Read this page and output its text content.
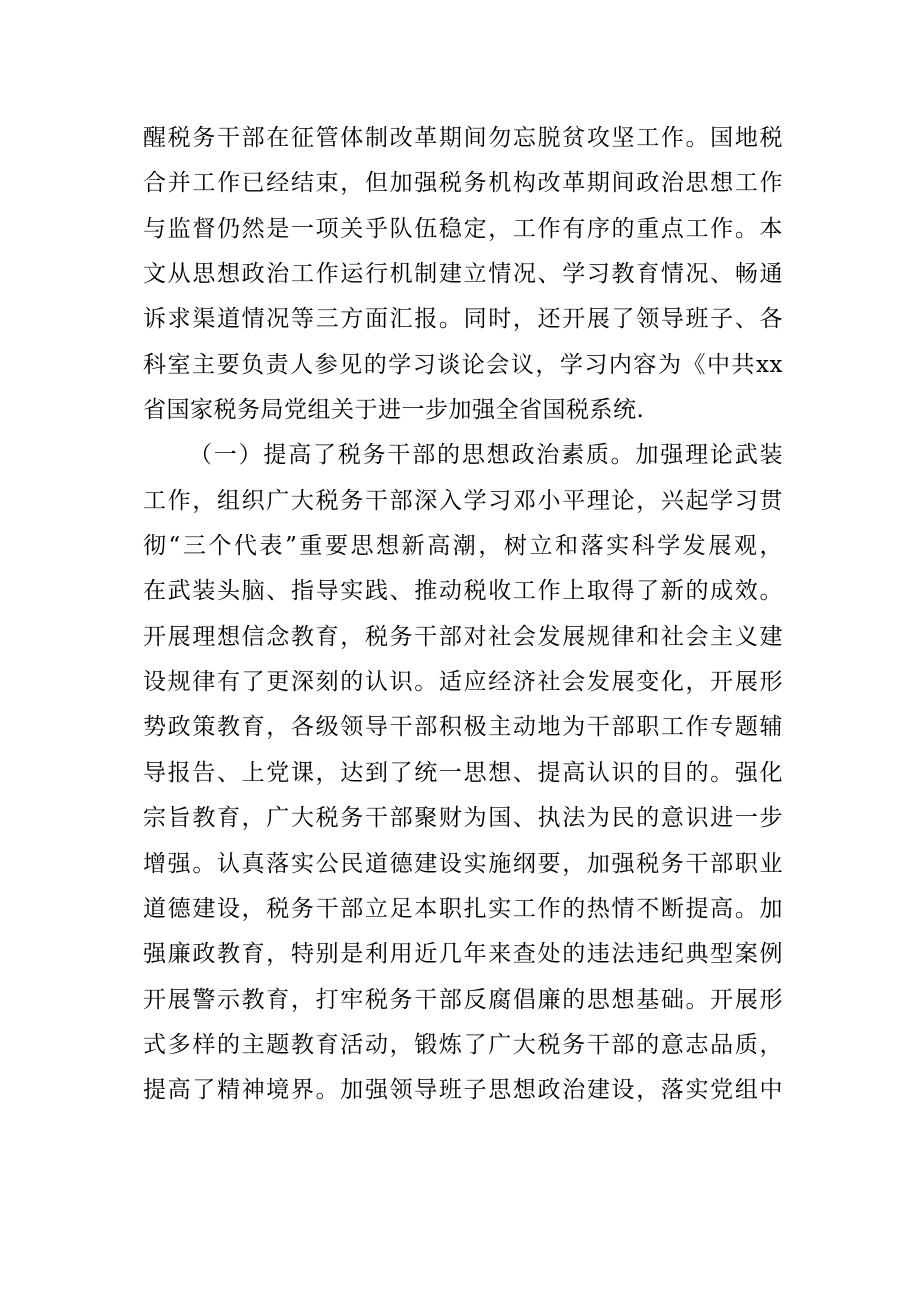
醒税务干部在征管体制改革期间勿忘脱贫攻坚工作。国地税
合并工作已经结束，但加强税务机构改革期间政治思想工作
与监督仍然是一项关乎队伍稳定，工作有序的重点工作。本
文从思想政治工作运行机制建立情况、学习教育情况、畅通
诉求渠道情况等三方面汇报。同时，还开展了领导班子、各
科室主要负责人参见的学习谈论会议，学习内容为《中共xx
省国家税务局党组关于进一步加强全省国税系统.
（一）提高了税务干部的思想政治素质。加强理论武装
工作，组织广大税务干部深入学习邓小平理论，兴起学习贯
彻“三个代表”重要思想新高潮，树立和落实科学发展观，
在武装头脑、指导实践、推动税收工作上取得了新的成效。
开展理想信念教育，税务干部对社会发展规律和社会主义建
设规律有了更深刻的认识。适应经济社会发展变化，开展形
势政策教育，各级领导干部积极主动地为干部职工作专题辅
导报告、上党课，达到了统一思想、提高认识的目的。强化
宗旨教育，广大税务干部聚财为国、执法为民的意识进一步
增强。认真落实公民道德建设实施纲要，加强税务干部职业
道德建设，税务干部立足本职扎实工作的热情不断提高。加
强廉政教育，特别是利用近几年来查处的违法违纪典型案例
开展警示教育，打牢税务干部反腐倡廉的思想基础。开展形
式多样的主题教育活动，锻炼了广大税务干部的意志品质，
提高了精神境界。加强领导班子思想政治建设，落实党组中
